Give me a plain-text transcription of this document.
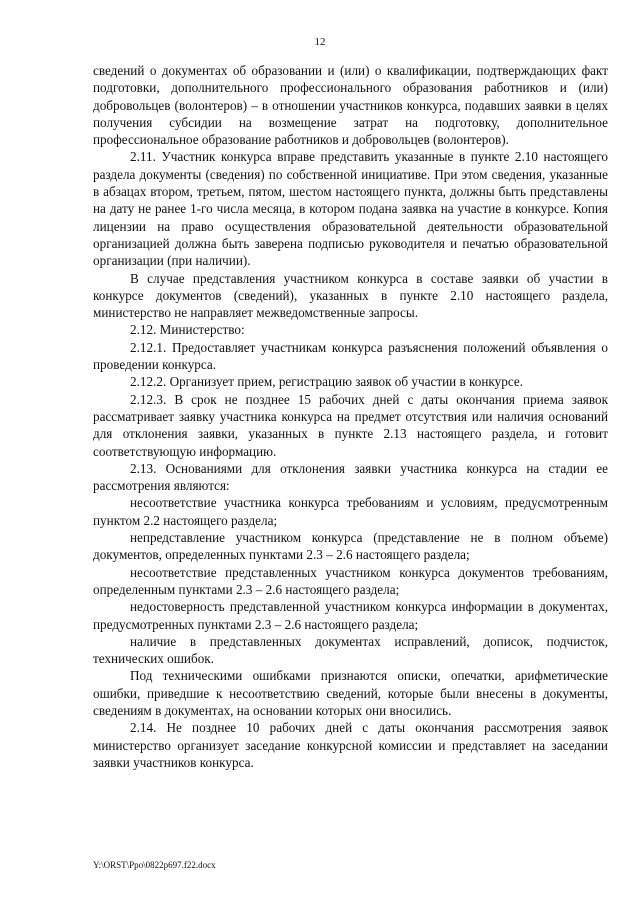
12

сведений о документах об образовании и (или) о квалификации, подтверждающих факт подготовки, дополнительного профессионального образования работников и (или) добровольцев (волонтеров) – в отношении участников конкурса, подавших заявки в целях получения субсидии на возмещение затрат на подготовку, дополнительное профессиональное образование работников и добровольцев (волонтеров).

2.11. Участник конкурса вправе представить указанные в пункте 2.10 настоящего раздела документы (сведения) по собственной инициативе. При этом сведения, указанные в абзацах втором, третьем, пятом, шестом настоящего пункта, должны быть представлены на дату не ранее 1-го числа месяца, в котором подана заявка на участие в конкурсе. Копия лицензии на право осуществления образовательной деятельности образовательной организацией должна быть заверена подписью руководителя и печатью образовательной организации (при наличии).

В случае представления участником конкурса в составе заявки об участии в конкурсе документов (сведений), указанных в пункте 2.10 настоящего раздела, министерство не направляет межведомственные запросы.

2.12. Министерство:

2.12.1. Предоставляет участникам конкурса разъяснения положений объявления о проведении конкурса.

2.12.2. Организует прием, регистрацию заявок об участии в конкурсе.

2.12.3. В срок не позднее 15 рабочих дней с даты окончания приема заявок рассматривает заявку участника конкурса на предмет отсутствия или наличия оснований для отклонения заявки, указанных в пункте 2.13 настоящего раздела, и готовит соответствующую информацию.

2.13. Основаниями для отклонения заявки участника конкурса на стадии ее рассмотрения являются:

несоответствие участника конкурса требованиям и условиям, предусмотренным пунктом 2.2 настоящего раздела;

непредставление участником конкурса (представление не в полном объеме) документов, определенных пунктами 2.3 – 2.6 настоящего раздела;

несоответствие представленных участником конкурса документов требованиям, определенным пунктами 2.3 – 2.6 настоящего раздела;

недостоверность представленной участником конкурса информации в документах, предусмотренных пунктами 2.3 – 2.6 настоящего раздела;

наличие в представленных документах исправлений, дописок, подчисток, технических ошибок.

Под техническими ошибками признаются описки, опечатки, арифметические ошибки, приведшие к несоответствию сведений, которые были внесены в документы, сведениям в документах, на основании которых они вносились.

2.14. Не позднее 10 рабочих дней с даты окончания рассмотрения заявок министерство организует заседание конкурсной комиссии и представляет на заседании заявки участников конкурса.

Y:\ORST\Ppo\0822p697.f22.docx
